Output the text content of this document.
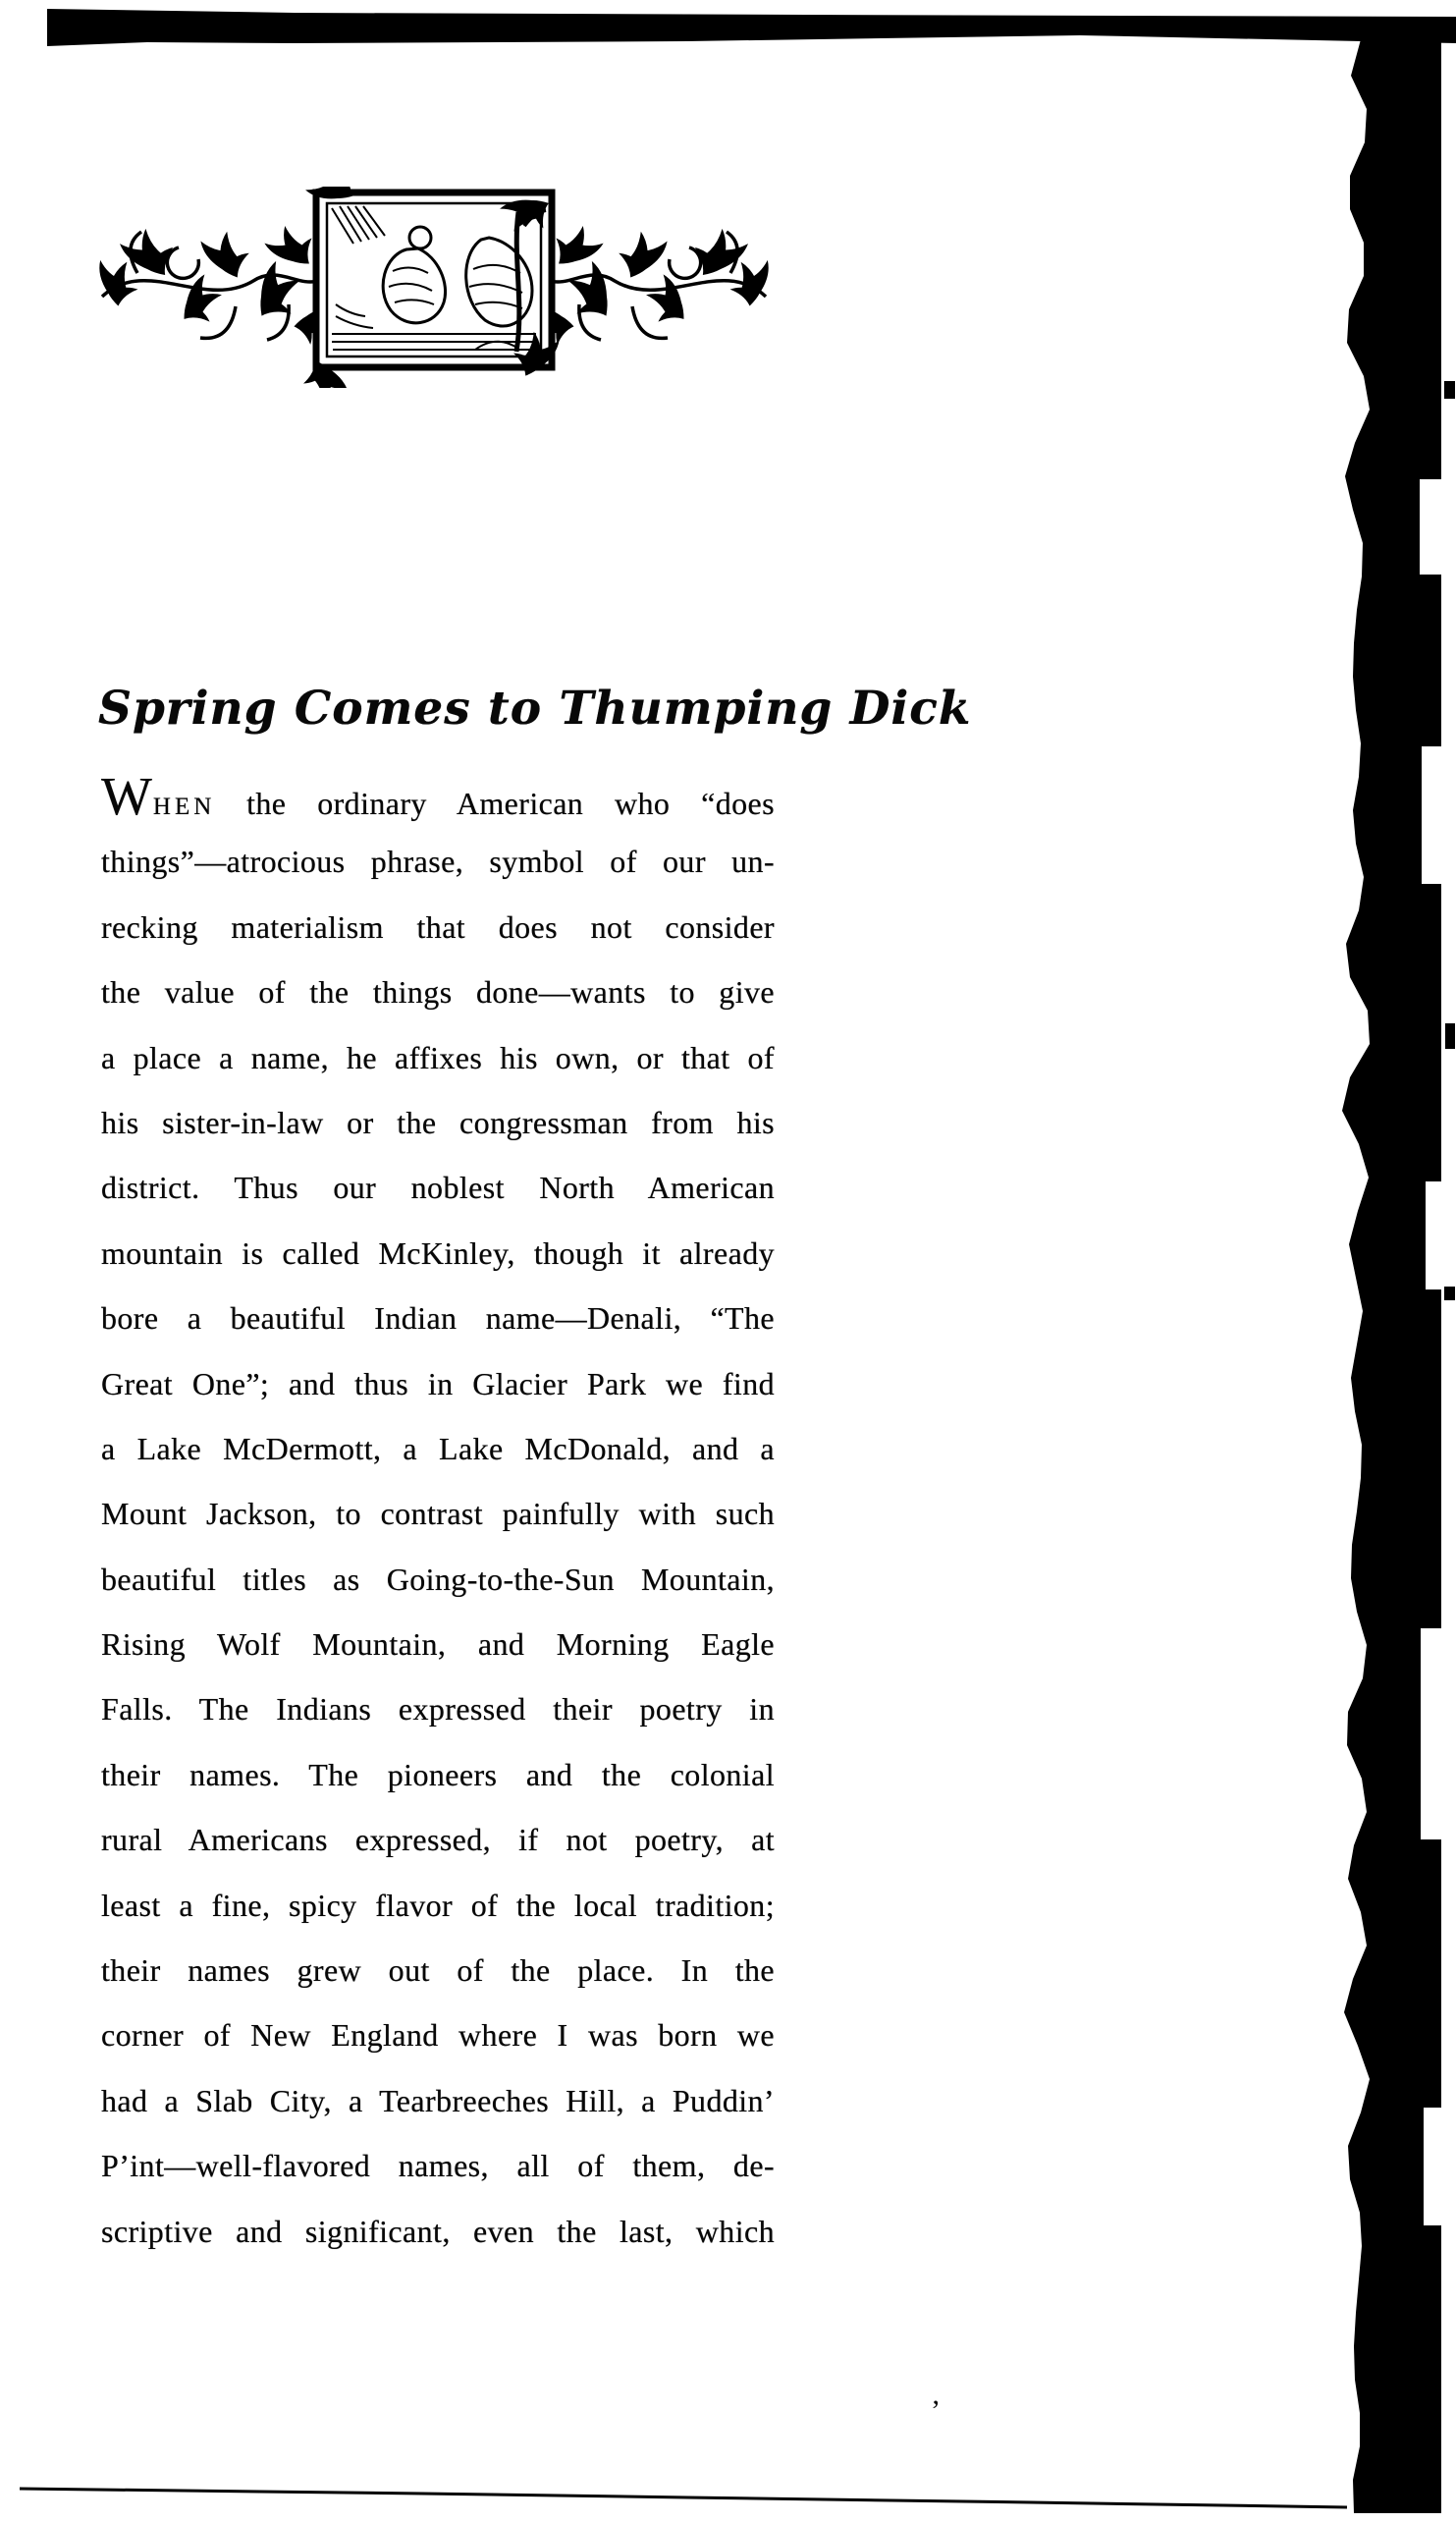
Spring Comes to Thumping Dick
WHEN the ordinary American who “does
things”—atrocious phrase, symbol of our un-
recking materialism that does not consider
the value of the things done—wants to give
a place a name, he affixes his own, or that of
his sister-in-law or the congressman from his
district. Thus our noblest North American
mountain is called McKinley, though it already
bore a beautiful Indian name—Denali, “The
Great One”; and thus in Glacier Park we find
a Lake McDermott, a Lake McDonald, and a
Mount Jackson, to contrast painfully with such
beautiful titles as Going-to-the-Sun Mountain,
Rising Wolf Mountain, and Morning Eagle
Falls. The Indians expressed their poetry in
their names. The pioneers and the colonial
rural Americans expressed, if not poetry, at
least a fine, spicy flavor of the local tradition;
their names grew out of the place. In the
corner of New England where I was born we
had a Slab City, a Tearbreeches Hill, a Puddin’
P’int—well-flavored names, all of them, de-
scriptive and significant, even the last, which
’
